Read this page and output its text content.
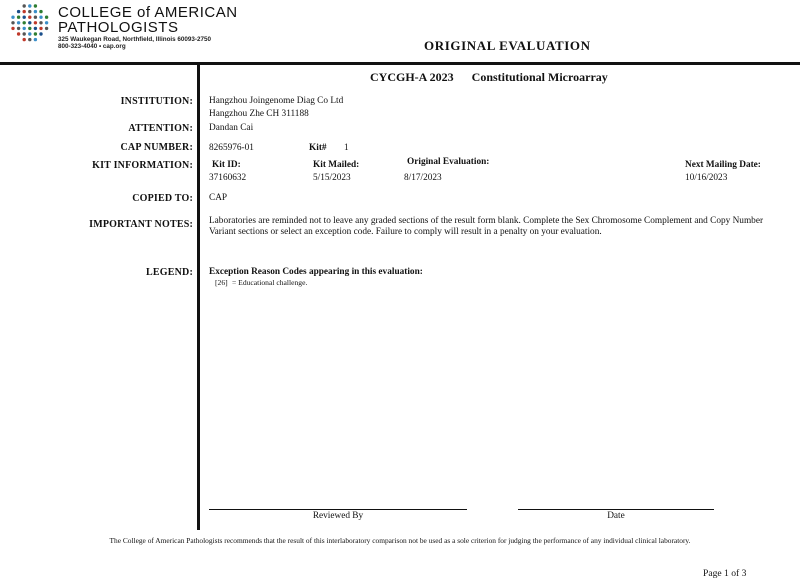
COLLEGE of AMERICAN
PATHOLOGISTS
325 Waukegan Road, Northfield, Illinois 60093-2750
800-323-4040 • cap.org	ORIGINAL EVALUATION
CYCGH-A 2023 Constitutional Microarray
INSTITUTION: Hangzhou Joingenome Diag Co Ltd
Hangzhou Zhe CH 311188
ATTENTION: Dandan Cai
CAP NUMBER: 8265976-01	Kit# 1
KIT INFORMATION: Kit ID:
37160632
Kit Mailed:
5/15/2023
Original Evaluation:
8/17/2023
Next Mailing Date:
10/16/2023
COPIED TO: CAP
IMPORTANT NOTES: Laboratories are reminded not to leave any graded sections of the result form blank. Complete the Sex Chromosome Complement and Copy Number Variant sections or select an exception code. Failure to comply will result in a penalty on your evaluation.
LEGEND: Exception Reason Codes appearing in this evaluation:
[26] = Educational challenge.
Reviewed By	Date
The College of American Pathologists recommends that the result of this interlaboratory comparison not be used as a sole criterion for judging the performance of any individual clinical laboratory.
Page 1 of 3
